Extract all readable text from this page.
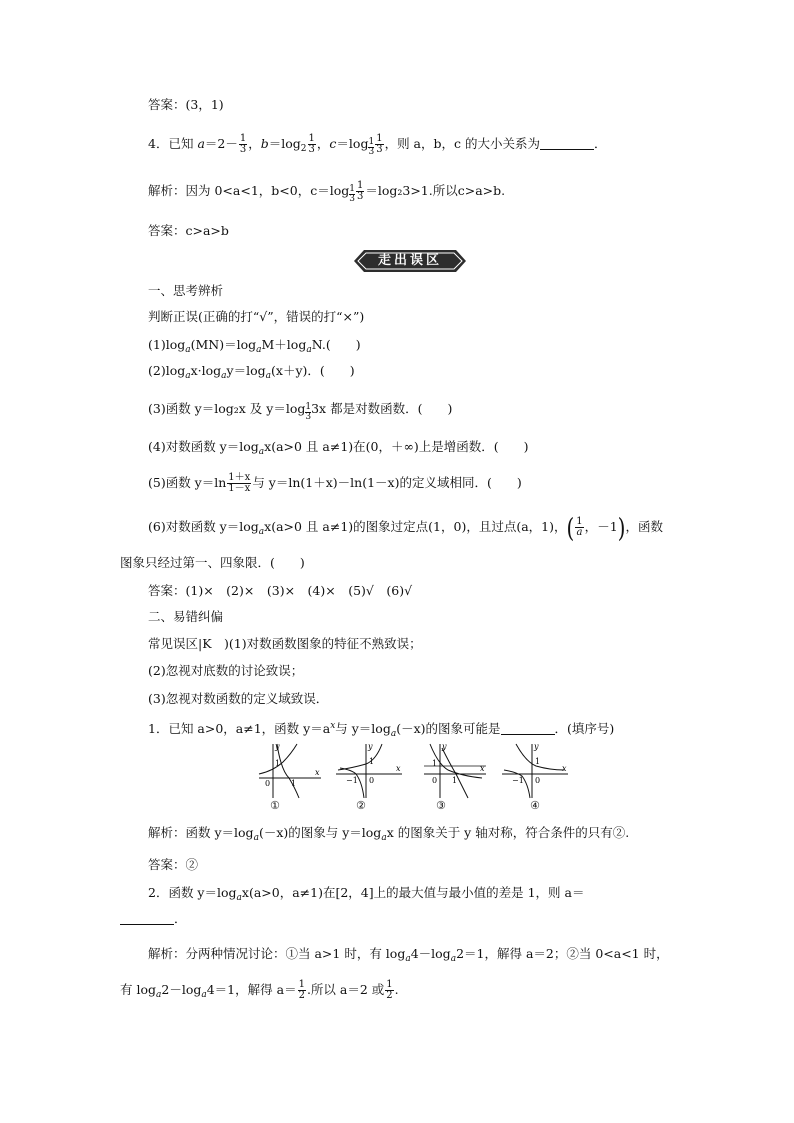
答案：(3，1)
4．已知 $a=2- \frac{1}{3}$ ，$b=\log_2 \frac{1}{3}$ ，$c=\log \frac{1}{3} \frac{1}{3}$ ，则 a，b，c 的大小关系为	．
解析：因为 0<a<1，b<0，$c=\log \frac{1}{3} \frac{1}{3} =\log_23>1$.所以c>a>b.
答案：c>a>b
走出误区
一、思考辨析
判断正误(正确的打“√”，错误的打“×”)
$(1)\log_a(MN)=\log_aM+\log_aN$.(　　)
$(2)\log_ax\cdot\log_ay=\log_a(x+y)$．(　　)
(3)函数 y＝log₂x 及 $y=\log \frac{1}{3}3x$ 都是对数函数．(　　)
(4)对数函数 $y=\log_ax(a>0$ 且 a≠1)在(0，＋∞)上是增函数．(　　)
(5)函数 $y=\ln \frac{1+x}{1-x}$ 与 y＝ln(1＋x)－ln(1－x)的定义域相同．(　　)
(6)对数函数 $y=\log_ax(a>0$ 且 a≠1)的图象过定点(1，0)，且过点(a，1)，( $\frac{1}{a}$ ，－1)，函数
图象只经过第一、四象限．(　　)
答案：(1)×　(2)×　(3)×　(4)×　(5)√　(6)√
二、易错纠偏
常见误区|K　)(1)对数函数图象的特征不熟致误；
(2)忽视对底数的讨论致误；
(3)忽视对数函数的定义域致误．
1．已知 a>0，a≠1，函数 $y=a^x$与 $y=\log_a(-x)$的图象可能是	．(填序号)
y
x
0	1
1
①
y
x
−1 0
1
②
y
x
0 1
1
③
y
x
−1 0
1
④
解析：函数 $y=\log_a(-x)$的图象与 $y=\log_ax$ 的图象关于 y 轴对称，符合条件的只有②.
答案：②
2．函数 $y=\log_ax(a>0$，a≠1)在[2，4]上的最大值与最小值的差是 1，则 a＝
．
解析：分两种情况讨论：①当 a>1 时，有 $\log_a4-\log_a2=1$，解得 a＝2；②当 0<a<1 时，
有 $\log_a2-\log_a4=1$，解得 $a= \frac{1}{2}$ .所以 a＝2 或 $\frac{1}{2}$ .
